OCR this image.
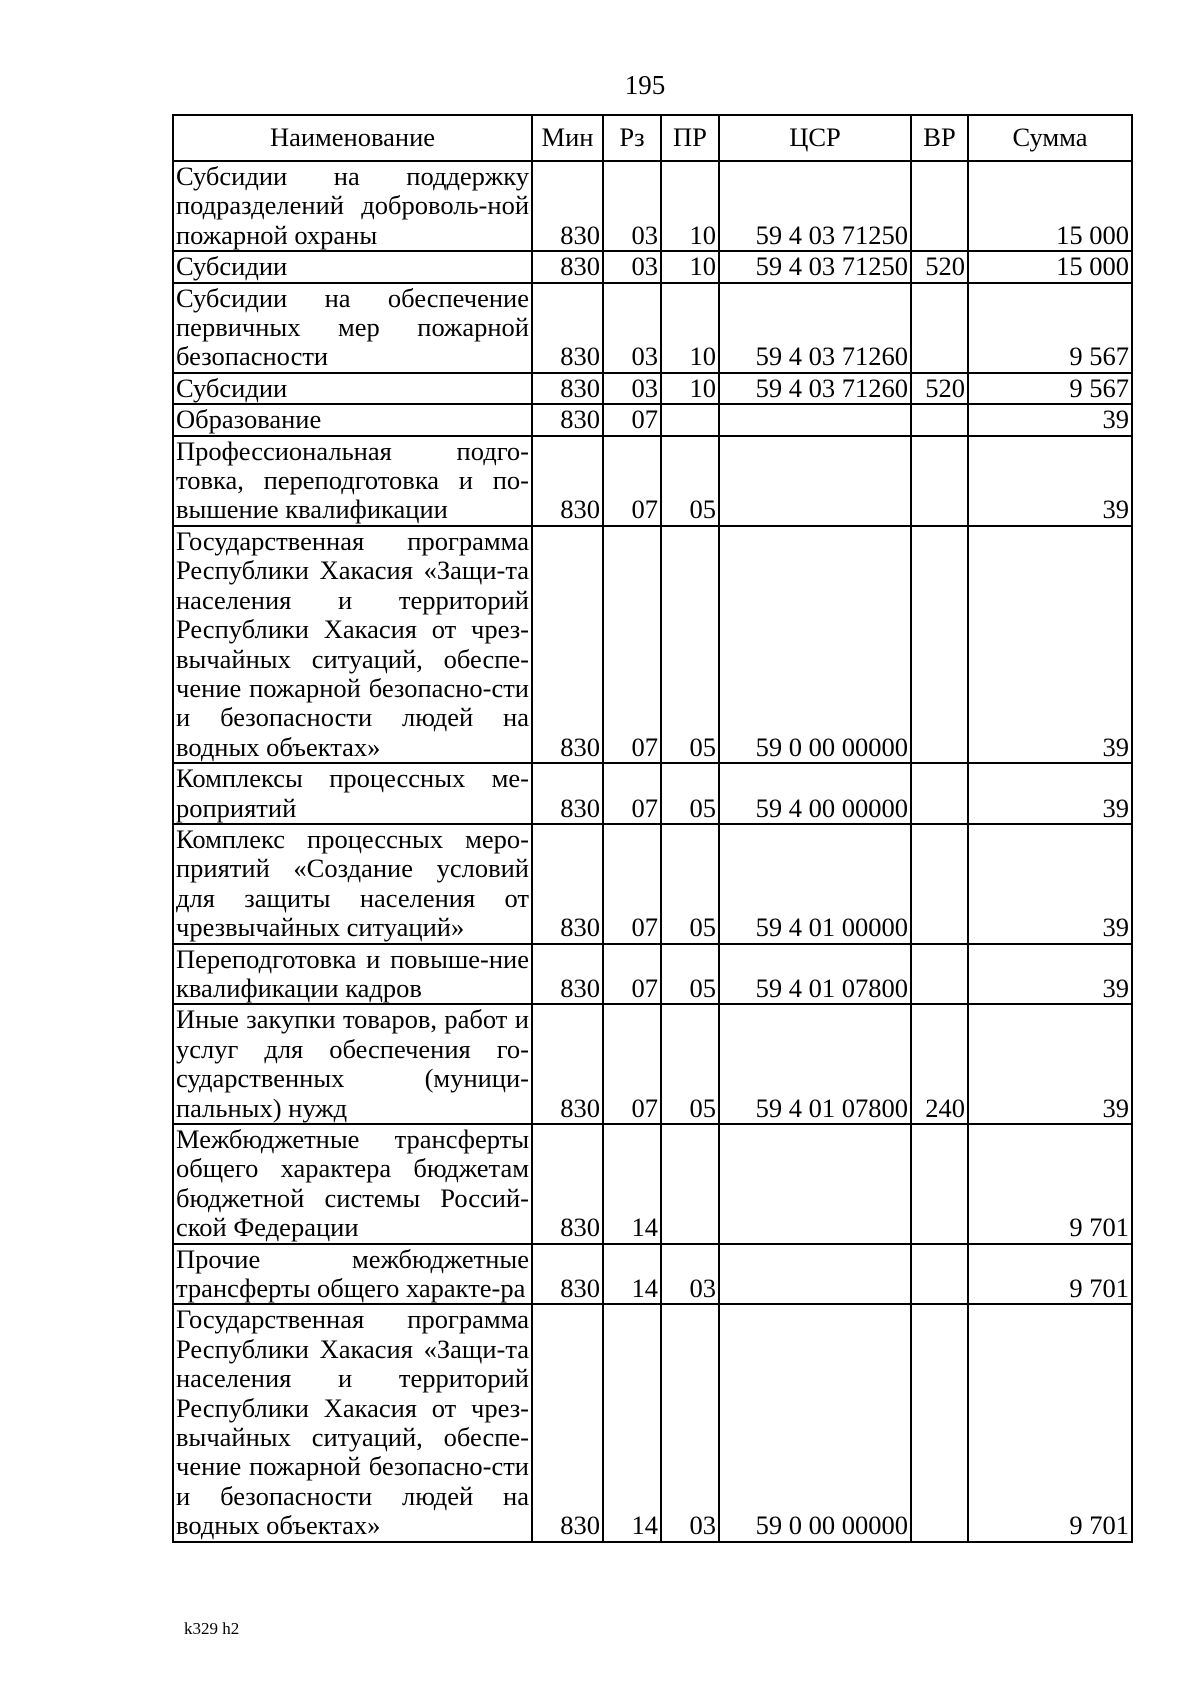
195
Наименование	Мин	Рз	ПР	ЦСР	ВР	Сумма
Субсидии на поддержку подразделений доброволь-ной пожарной охраны	830	03	10	59 4 03 71250		15 000
Субсидии	830	03	10	59 4 03 71250	520	15 000
Субсидии на обеспечение первичных мер пожарной безопасности	830	03	10	59 4 03 71260		9 567
Субсидии	830	03	10	59 4 03 71260	520	9 567
Образование	830	07				39
Профессиональная подго-товка, переподготовка и по-вышение квалификации	830	07	05			39
Государственная программа Республики Хакасия «Защи-та населения и территорий Республики Хакасия от чрез-вычайных ситуаций, обеспе-чение пожарной безопасно-сти и безопасности людей на водных объектах»	830	07	05	59 0 00 00000		39
Комплексы процессных ме-роприятий	830	07	05	59 4 00 00000		39
Комплекс процессных меро-приятий «Создание условий для защиты населения от чрезвычайных ситуаций»	830	07	05	59 4 01 00000		39
Переподготовка и повыше-ние квалификации кадров	830	07	05	59 4 01 07800		39
Иные закупки товаров, работ и услуг для обеспечения го-сударственных (муници-пальных) нужд	830	07	05	59 4 01 07800	240	39
Межбюджетные трансферты общего характера бюджетам бюджетной системы Россий-ской Федерации	830	14				9 701
Прочие межбюджетные трансферты общего характе-ра	830	14	03			9 701
Государственная программа Республики Хакасия «Защи-та населения и территорий Республики Хакасия от чрез-вычайных ситуаций, обеспе-чение пожарной безопасно-сти и безопасности людей на водных объектах»	830	14	03	59 0 00 00000		9 701
k329 h2
